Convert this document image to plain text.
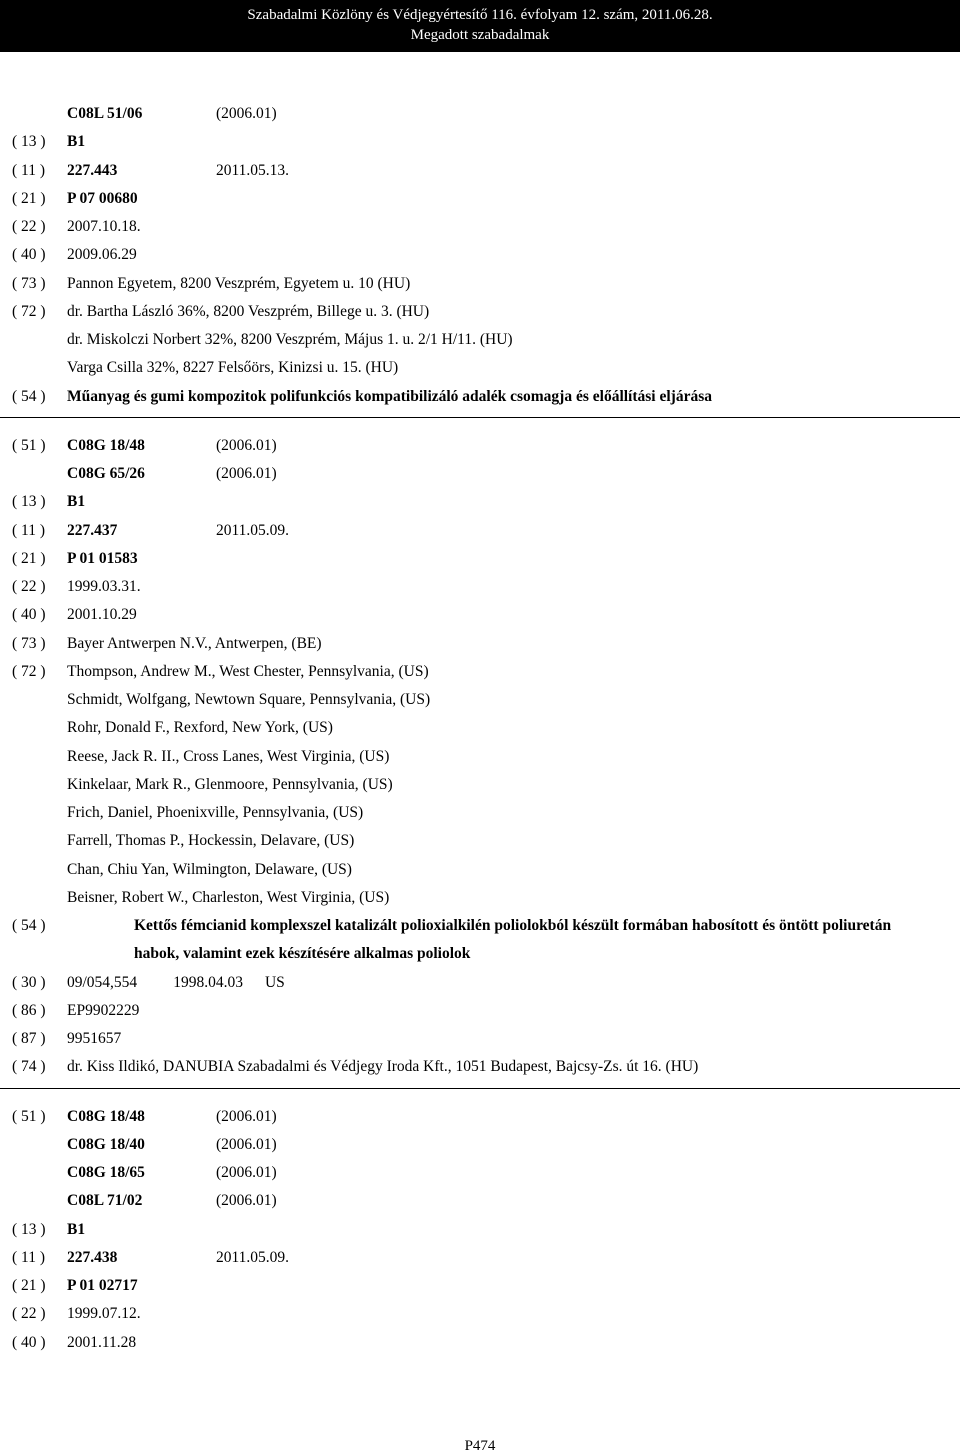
Szabadalmi Közlöny és Védjegyértesítő 116. évfolyam 12. szám, 2011.06.28.
Megadott szabadalmak
C08L 51/06	(2006.01)
( 13 ) B1
( 11 ) 227.443	2011.05.13.
( 21 ) P 07 00680
( 22 ) 2007.10.18.
( 40 ) 2009.06.29
( 73 ) Pannon Egyetem, 8200 Veszprém, Egyetem u. 10 (HU)
( 72 ) dr. Bartha László 36%, 8200 Veszprém, Billege u. 3. (HU)
dr. Miskolczi Norbert 32%, 8200 Veszprém, Május 1. u. 2/1 H/11. (HU)
Varga Csilla 32%, 8227 Felsőörs, Kinizsi u. 15. (HU)
( 54 ) Műanyag és gumi kompozitok polifunkciós kompatibilizáló adalék csomagja és előállítási eljárása
( 51 ) C08G 18/48	(2006.01)
C08G 65/26	(2006.01)
( 13 ) B1
( 11 ) 227.437	2011.05.09.
( 21 ) P 01 01583
( 22 ) 1999.03.31.
( 40 ) 2001.10.29
( 73 ) Bayer Antwerpen N.V., Antwerpen, (BE)
( 72 ) Thompson, Andrew M., West Chester, Pennsylvania, (US)
Schmidt, Wolfgang, Newtown Square, Pennsylvania, (US)
Rohr, Donald F., Rexford, New York, (US)
Reese, Jack R. II., Cross Lanes, West Virginia, (US)
Kinkelaar, Mark R., Glenmoore, Pennsylvania, (US)
Frich, Daniel, Phoenixville, Pennsylvania, (US)
Farrell, Thomas P., Hockessin, Delavare, (US)
Chan, Chiu Yan, Wilmington, Delaware, (US)
Beisner, Robert W., Charleston, West Virginia, (US)
( 54 )	Kettős fémcianid komplexszel katalizált polioxialkilén poliolokból készült formában habosított és öntött poliuretán habok, valamint ezek készítésére alkalmas poliolok
( 30 ) 09/054,554 1998.04.03 US
( 86 ) EP9902229
( 87 ) 9951657
( 74 ) dr. Kiss Ildikó, DANUBIA Szabadalmi és Védjegy Iroda Kft., 1051 Budapest, Bajcsy-Zs. út 16. (HU)
( 51 ) C08G 18/48	(2006.01)
C08G 18/40	(2006.01)
C08G 18/65	(2006.01)
C08L 71/02	(2006.01)
( 13 ) B1
( 11 ) 227.438	2011.05.09.
( 21 ) P 01 02717
( 22 ) 1999.07.12.
( 40 ) 2001.11.28
P474
